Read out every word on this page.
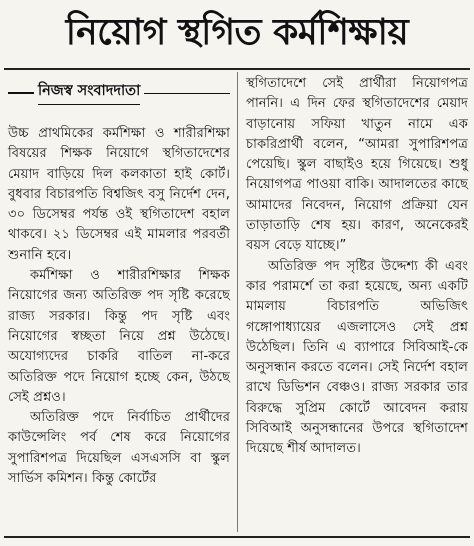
নিয়োগ স্থগিত কর্মশিক্ষায়
নিজস্ব সংবাদদাতা

উচ্চ প্রাথমিকের কর্মশিক্ষা ও শারীরশিক্ষা বিষয়ের শিক্ষক নিয়োগে স্থগিতাদেশের মেয়াদ বাড়িয়ে দিল কলকাতা হাই কোর্ট। বুধবার বিচারপতি বিশ্বজিৎ বসু নির্দেশ দেন, ৩০ ডিসেম্বর পর্যন্ত ওই স্থগিতাদেশ বহাল থাকবে। ২১ ডিসেম্বর এই মামলার পরবর্তী শুনানি হবে।

কর্মশিক্ষা ও শারীরশিক্ষার শিক্ষক নিয়োগের জন্য অতিরিক্ত পদ সৃষ্টি করেছে রাজ্য সরকার। কিন্তু পদ সৃষ্টি এবং নিয়োগের স্বচ্ছতা নিয়ে প্রশ্ন উঠেছে। অযোগ্যদের চাকরি বাতিল না-করে অতিরিক্ত পদে নিয়োগ হচ্ছে কেন, উঠছে সেই প্রশ্নও।

অতিরিক্ত পদে নির্বাচিত প্রার্থীদের কাউন্সেলিং পর্ব শেষ করে নিয়োগের সুপারিশপত্র দিয়েছিল এসএসসি বা স্কুল সার্ভিস কমিশন। কিন্তু কোর্টের

স্থগিতাদেশে সেই প্রার্থীরা নিয়োগপত্র পাননি। এ দিন ফের স্থগিতাদেশের মেয়াদ বাড়ানোয় সফিয়া খাতুন নামে এক চাকরিপ্রার্থী বলেন, “আমরা সুপারিশপত্র পেয়েছি। স্কুল বাছাইও হয়ে গিয়েছে। শুধু নিয়োগপত্র পাওয়া বাকি। আদালতের কাছে আমাদের নিবেদন, নিয়োগ প্রক্রিয়া যেন তাড়াতাড়ি শেষ হয়। কারণ, অনেকেরই বয়স বেড়ে যাচ্ছে।”

অতিরিক্ত পদ সৃষ্টির উদ্দেশ্য কী এবং কার পরামর্শে তা করা হয়েছে, অন্য একটি মামলায় বিচারপতি অভিজিৎ গঙ্গোপাধ্যায়ের এজলাসেও সেই প্রশ্ন উঠেছিল। তিনি এ ব্যাপারে সিবিআই-কে অনুসন্ধান করতে বলেন। সেই নির্দেশ বহাল রাখে ডিভিশন বেঞ্চও। রাজ্য সরকার তার বিরুদ্ধে সুপ্রিম কোর্টে আবেদন করায় সিবিআই অনুসন্ধানের উপরে স্থগিতাদেশ দিয়েছে শীর্ষ আদালত।
